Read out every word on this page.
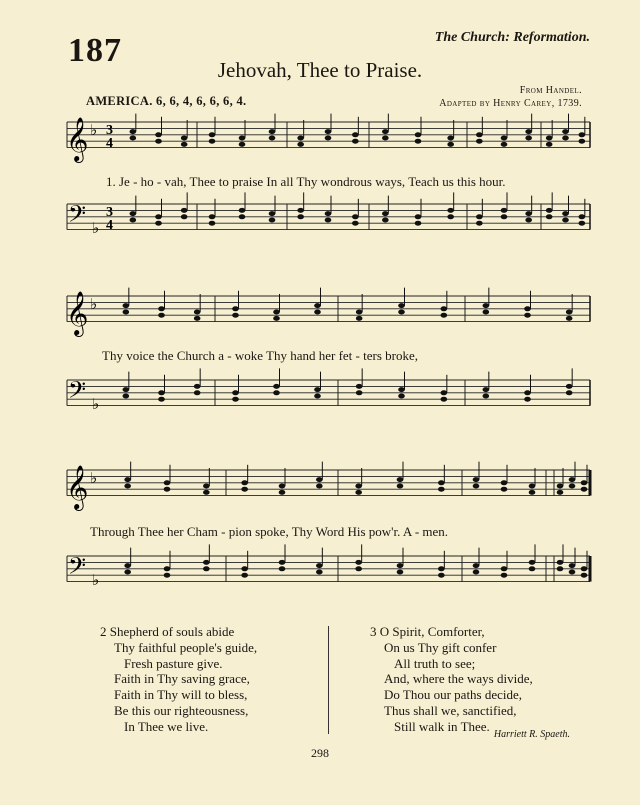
187	The Church: Reformation.
Jehovah, Thee to Praise.
AMERICA. 6, 6, 4, 6, 6, 6, 4.
From Handel.
Adapted by Henry Carey, 1739.
𝄞 ♭ 3
4
𝄢 ♭
3
4
𝄞 ♭
𝄢 ♭
𝄞 ♭
𝄢 ♭
1. Je - ho - vah, Thee to praise In all Thy wondrous ways, Teach us this hour.
Thy voice the Church a - woke Thy hand her fet - ters broke,
Through Thee her Cham - pion spoke, Thy Word His pow'r. A - men.
2 Shepherd of souls abide
Thy faithful people's guide,
Fresh pasture give.
Faith in Thy saving grace,
Faith in Thy will to bless,
Be this our righteousness,
In Thee we live.
3 O Spirit, Comforter,
On us Thy gift confer
All truth to see;
And, where the ways divide,
Do Thou our paths decide,
Thus shall we, sanctified,
Still walk in Thee.
Harriett R. Spaeth.
298
